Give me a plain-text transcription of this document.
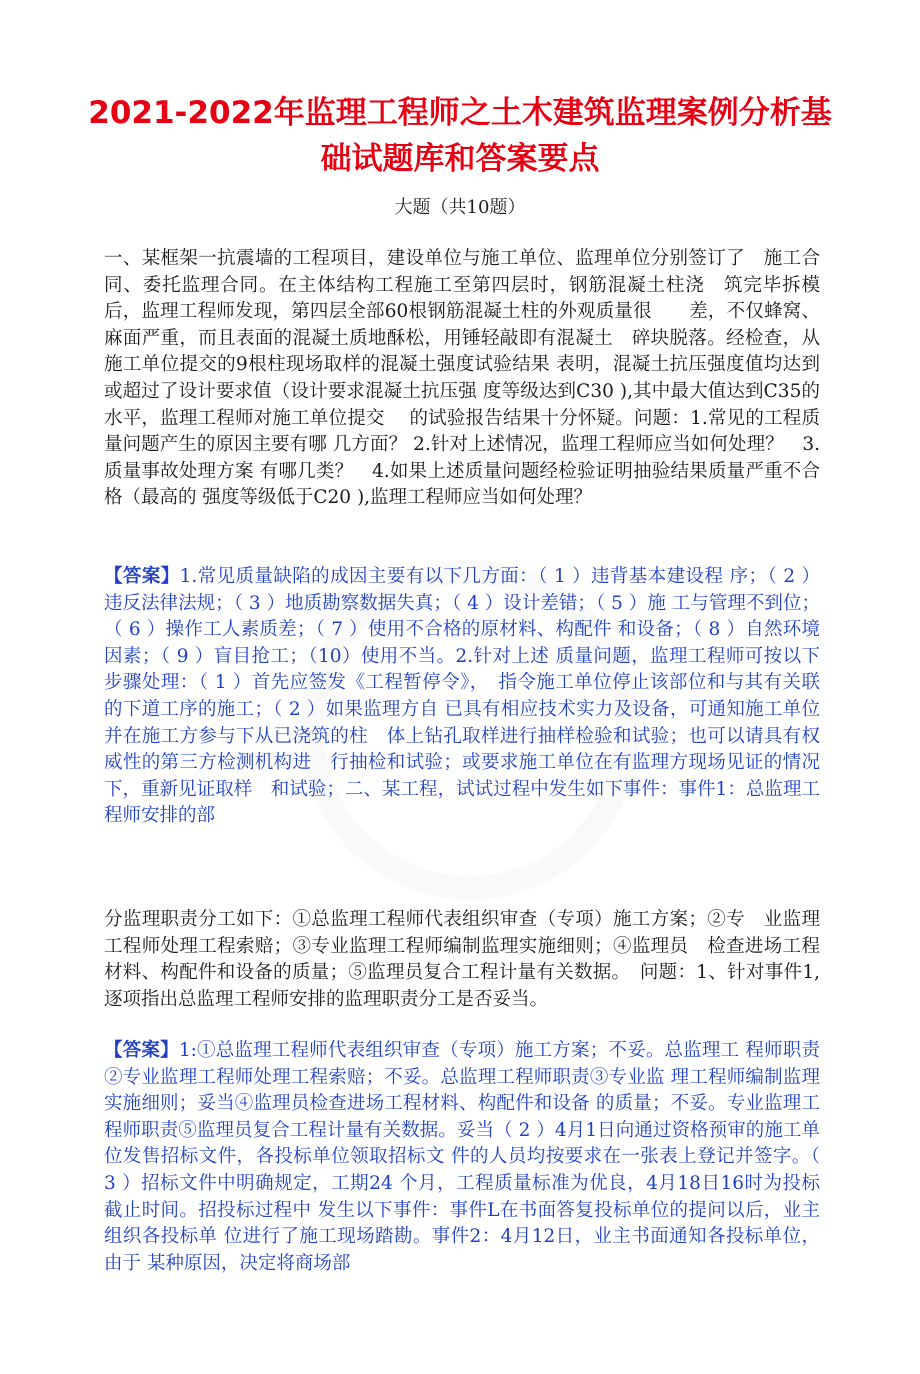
2021-2022年监理工程师之土木建筑监理案例分析基
础试题库和答案要点
大题（共10题）
一、某框架一抗震墙的工程项目，建设单位与施工单位、监理单位分别签订了　施工合同、委托监理合同。在主体结构工程施工至第四层时，钢筋混凝土柱浇　筑完毕拆模后，监理工程师发现，第四层全部60根钢筋混凝土柱的外观质量很　　差，不仅蜂窝、麻面严重，而且表面的混凝土质地酥松，用锤轻敲即有混凝土　碎块脱落。经检查，从施工单位提交的9根柱现场取样的混凝土强度试验结果 表明，混凝土抗压强度值均达到或超过了设计要求值（设计要求混凝土抗压强 度等级达到C30 ),其中最大值达到C35的水平，监理工程师对施工单位提交　 的试验报告结果十分怀疑。问题：1.常见的工程质量问题产生的原因主要有哪 几方面？ 2.针对上述情况，监理工程师应当如何处理？　3. 质量事故处理方案 有哪几类？　4.如果上述质量问题经检验证明抽验结果质量严重不合格（最高的 强度等级低于C20 ),监理工程师应当如何处理？
【答案】1.常见质量缺陷的成因主要有以下几方面：（ 1 ）违背基本建设程 序；（ 2 ）违反法律法规；（ 3 ）地质勘察数据失真；（ 4 ）设计差错；（ 5 ）施 工与管理不到位；（ 6 ）操作工人素质差；（ 7 ）使用不合格的原材料、构配件 和设备；（ 8 ）自然环境因素；（ 9 ）盲目抢工；（10）使用不当。2.针对上述 质量问题，监理工程师可按以下步骤处理：（ 1 ）首先应签发《工程暂停令》，　指令施工单位停止该部位和与其有关联的下道工序的施工；（ 2 ）如果监理方自 已具有相应技术实力及设备，可通知施工单位并在施工方参与下从已浇筑的柱　体上钻孔取样进行抽样检验和试验；也可以请具有权威性的第三方检测机构进　行抽检和试验；或要求施工单位在有监理方现场见证的情况下，重新见证取样　和试验；二、某工程，试试过程中发生如下事件：事件1：总监理工程师安排的部
分监理职责分工如下：①总监理工程师代表组织审查（专项）施工方案；②专　业监理工程师处理工程索赔；③专业监理工程师编制监理实施细则；④监理员　检查进场工程材料、构配件和设备的质量；⑤监理员复合工程计量有关数据。　问题：1、针对事件1,逐项指出总监理工程师安排的监理职责分工是否妥当。
【答案】1:①总监理工程师代表组织审查（专项）施工方案；不妥。总监理工 程师职责②专业监理工程师处理工程索赔；不妥。总监理工程师职责③专业监 理工程师编制监理实施细则；妥当④监理员检查进场工程材料、构配件和设备 的质量；不妥。专业监理工程师职责⑤监理员复合工程计量有关数据。妥当（ 2 ）4月1日向通过资格预审的施工单位发售招标文件，各投标单位领取招标文 件的人员均按要求在一张表上登记并签字。（ 3 ）招标文件中明确规定，工期24 个月，工程质量标准为优良，4月18日16时为投标截止时间。招投标过程中 发生以下事件：事件L在书面答复投标单位的提问以后，业主组织各投标单 位进行了施工现场踏勘。事件2：4月12日，业主书面通知各投标单位，由于 某种原因，决定将商场部
